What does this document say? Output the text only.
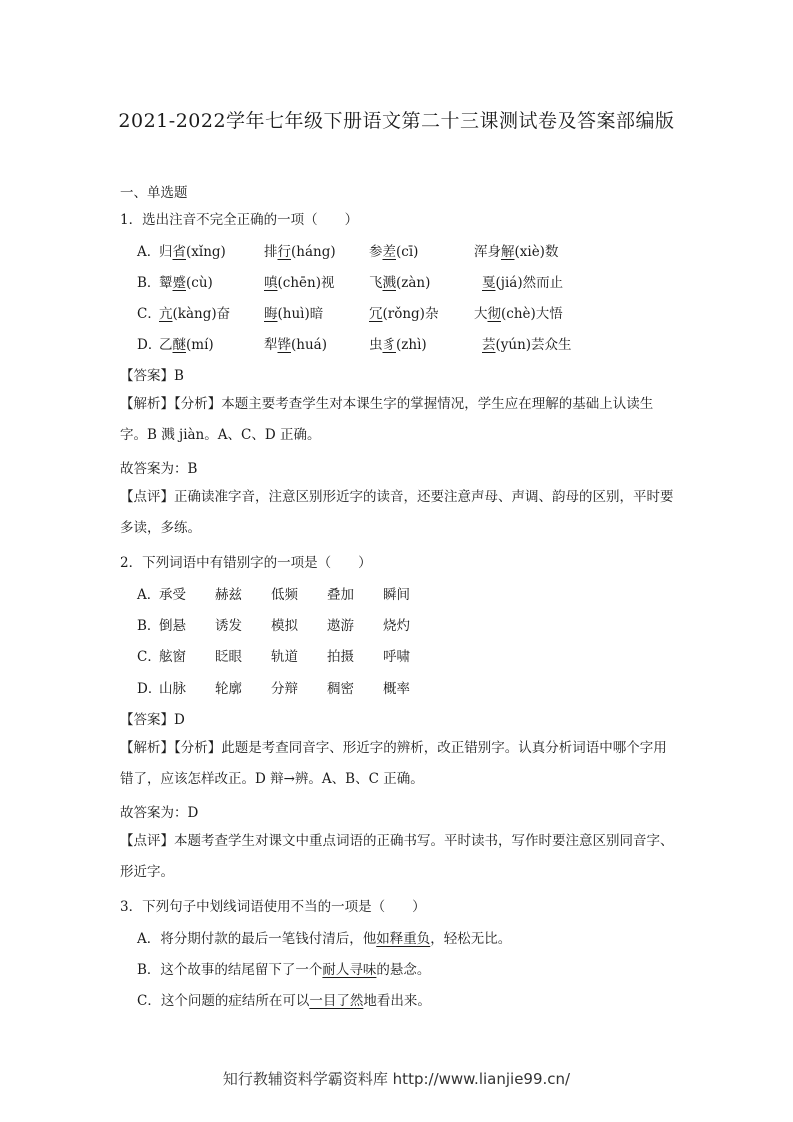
2021-2022学年七年级下册语文第二十三课测试卷及答案部编版
一、单选题
1．选出注音不完全正确的一项（　　）
A．
归省(xǐng)	排行(háng) 参差(cī)	浑身解(xiè)数
B．
颦蹙(cù)	嗔(chēn)视	飞溅(zàn)	戛(jiá)然而止
C．
亢(kàng)奋	晦(huì)暗	冗(rǒng)杂	大彻(chè)大悟
D．
乙醚(mí)	犁铧(huá)	虫豸(zhì)	芸(yún)芸众生
【答案】B
【解析】【分析】本题主要考查学生对本课生字的掌握情况，学生应在理解的基础上认读生字。B 溅 jiàn。A、C、D 正确。
故答案为：B
【点评】正确读准字音，注意区别形近字的读音，还要注意声母、声调、韵母的区别，平时要多读，多练。
2．下列词语中有错别字的一项是（　　）
A．
承受 赫兹 低频 叠加 瞬间
B．
倒悬 诱发 模拟 遨游 烧灼
C．
舷窗 眨眼 轨道 拍摄 呼啸
D．
山脉 轮廓 分辩 稠密 概率
【答案】D
【解析】【分析】此题是考查同音字、形近字的辨析，改正错别字。认真分析词语中哪个字用错了，应该怎样改正。D 辩→辨。A、B、C 正确。
故答案为：D
【点评】本题考查学生对课文中重点词语的正确书写。平时读书，写作时要注意区别同音字、形近字。
3．下列句子中划线词语使用不当的一项是（　　）
A．将分期付款的最后一笔钱付清后，他如释重负，轻松无比。
B．这个故事的结尾留下了一个耐人寻味的悬念。
C．这个问题的症结所在可以一目了然地看出来。
知行教辅资料学霸资料库 http://www.lianjie99.cn/
